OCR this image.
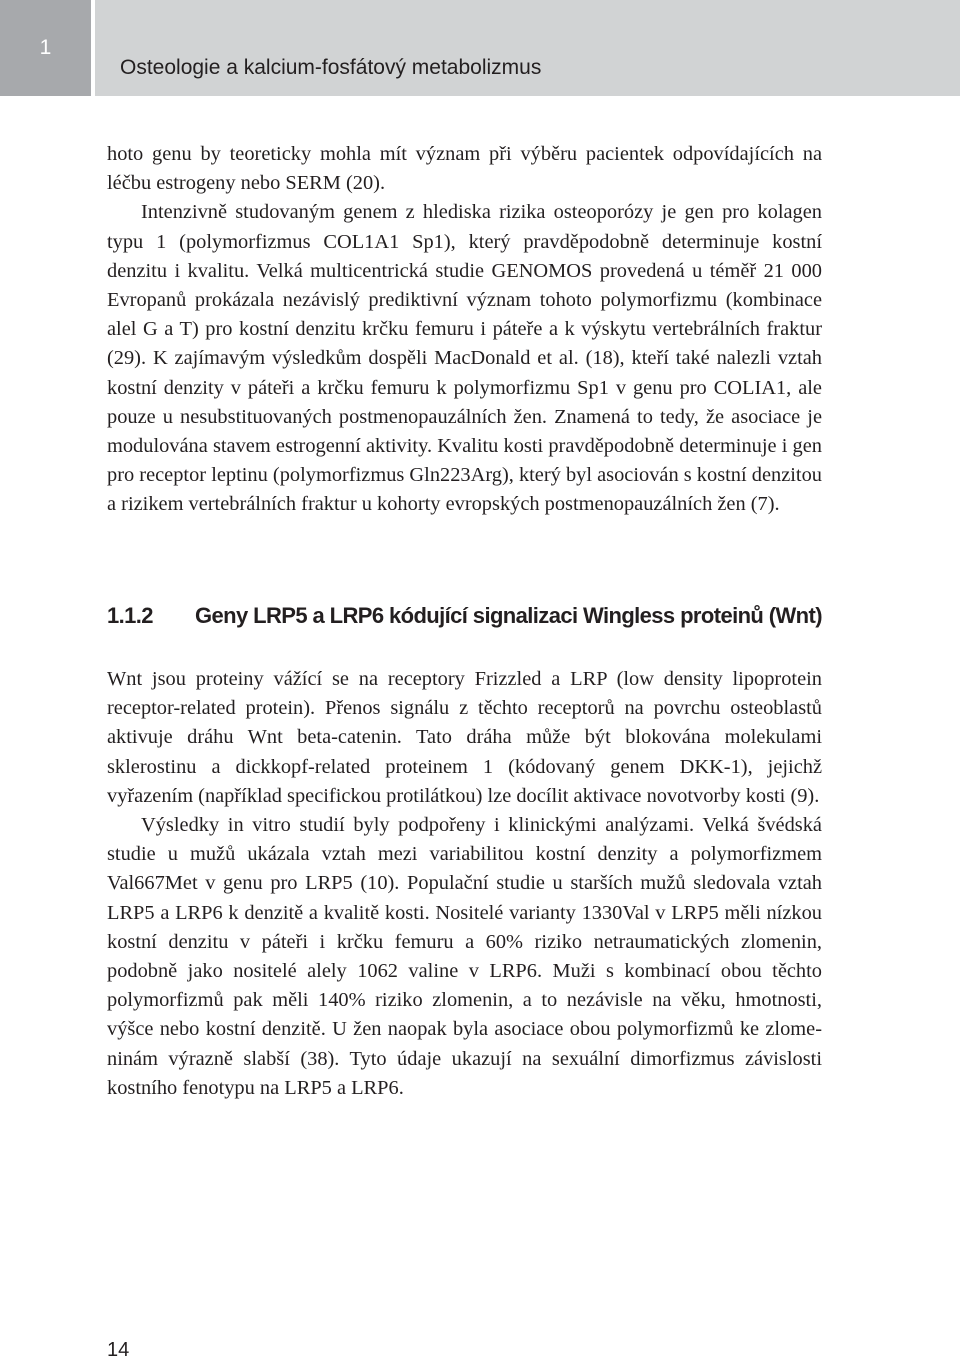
1
Osteologie a kalcium-fosfátový metabolizmus

hoto genu by teoreticky mohla mít význam při výběru pacientek odpovídajících na léčbu estrogeny nebo SERM (20).

Intenzivně studovaným genem z hlediska rizika osteoporózy je gen pro kolagen typu 1 (polymorfizmus COL1A1 Sp1), který pravděpodobně determinuje kostní denzitu i kvalitu. Velká multicentrická studie GENOMOS provedená u téměř 21 000 Evropanů prokázala nezávislý prediktivní význam tohoto polymorfizmu (kombinace alel G a T) pro kostní denzitu krčku femuru i páteře a k výskytu vertebrálních fraktur (29). K zajímavým výsledkům dospěli MacDonald et al. (18), kteří také nalezli vztah kostní denzity v páteři a krčku femuru k polymorfizmu Sp1 v genu pro COLIA1, ale pouze u nesubstituovaných postmenopauzálních žen. Znamená to tedy, že asociace je modulována stavem estrogenní aktivity. Kvalitu kosti pravděpodobně determinuje i gen pro receptor leptinu (polymorfizmus Gln223Arg), který byl asociován s kostní denzitou a rizikem vertebrálních fraktur u kohorty evropských postmenopauzálních žen (7).

1.1.2 Geny LRP5 a LRP6 kódující signalizaci Wingless proteinů (Wnt)

Wnt jsou proteiny vážící se na receptory Frizzled a LRP (low density lipoprotein receptor-related protein). Přenos signálu z těchto receptorů na povrchu osteoblastů aktivuje dráhu Wnt beta-catenin. Tato dráha může být blokována molekulami sklerostinu a dickkopf-related proteinem 1 (kódovaný genem DKK-1), jejichž vyřazením (například specifickou protilátkou) lze docílit aktivace novotvorby kosti (9).

Výsledky in vitro studií byly podpořeny i klinickými analýzami. Velká švédská studie u mužů ukázala vztah mezi variabilitou kostní denzity a polymorfizmem Val667Met v genu pro LRP5 (10). Populační studie u starších mužů sledovala vztah LRP5 a LRP6 k denzitě a kvalitě kosti. Nositelé varianty 1330Val v LRP5 měli nízkou kostní denzitu v páteři i krčku femuru a 60% riziko netraumatických zlomenin, podobně jako nositelé alely 1062 valine v LRP6. Muži s kombinací obou těchto polymorfizmů pak měli 140% riziko zlomenin, a to nezávisle na věku, hmotnosti, výšce nebo kostní denzitě. U žen naopak byla asociace obou polymorfizmů ke zlomeninám výrazně slabší (38). Tyto údaje ukazují na sexuální dimorfizmus závislosti kostního fenotypu na LRP5 a LRP6.

14
